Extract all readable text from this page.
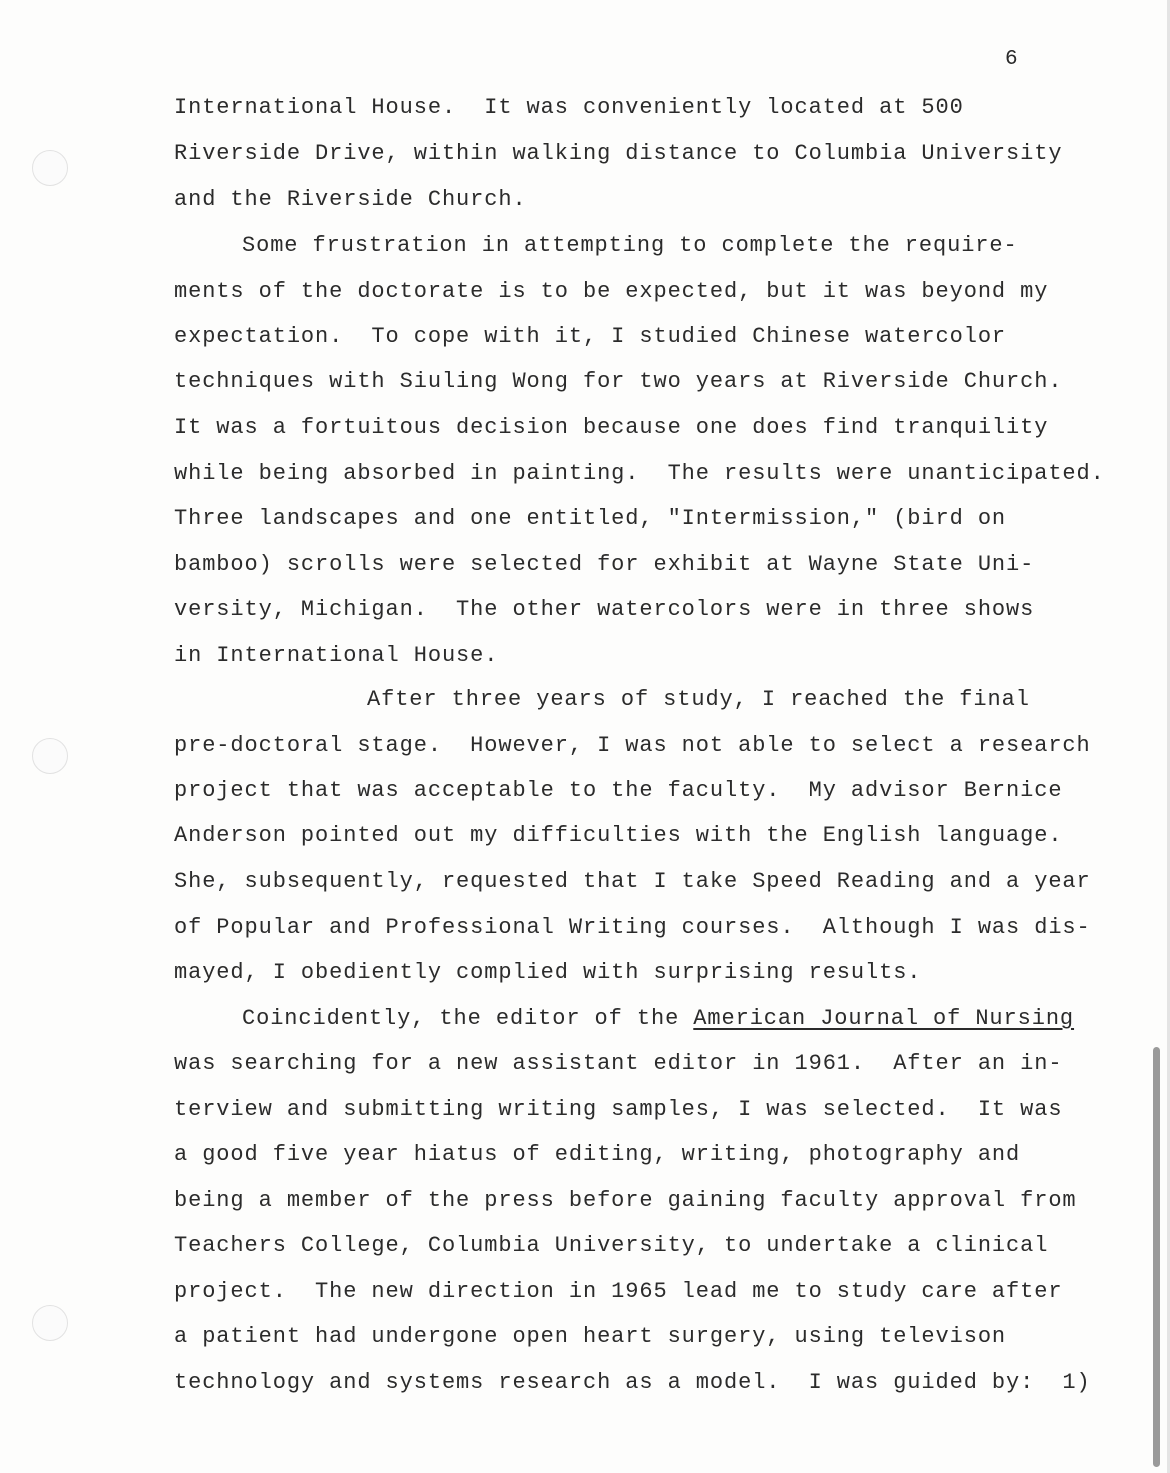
6
International House.  It was conveniently located at 500
Riverside Drive, within walking distance to Columbia University
and the Riverside Church.
Some frustration in attempting to complete the require-
ments of the doctorate is to be expected, but it was beyond my
expectation.  To cope with it, I studied Chinese watercolor
techniques with Siuling Wong for two years at Riverside Church.
It was a fortuitous decision because one does find tranquility
while being absorbed in painting.  The results were unanticipated.
Three landscapes and one entitled, "Intermission," (bird on
bamboo) scrolls were selected for exhibit at Wayne State Uni-
versity, Michigan.  The other watercolors were in three shows
in International House.
After three years of study, I reached the final
pre-doctoral stage.  However, I was not able to select a research
project that was acceptable to the faculty.  My advisor Bernice
Anderson pointed out my difficulties with the English language.
She, subsequently, requested that I take Speed Reading and a year
of Popular and Professional Writing courses.  Although I was dis-
mayed, I obediently complied with surprising results.
Coincidently, the editor of the American Journal of Nursing
was searching for a new assistant editor in 1961.  After an in-
terview and submitting writing samples, I was selected.  It was
a good five year hiatus of editing, writing, photography and
being a member of the press before gaining faculty approval from
Teachers College, Columbia University, to undertake a clinical
project.  The new direction in 1965 lead me to study care after
a patient had undergone open heart surgery, using televison
technology and systems research as a model.  I was guided by:  1)
